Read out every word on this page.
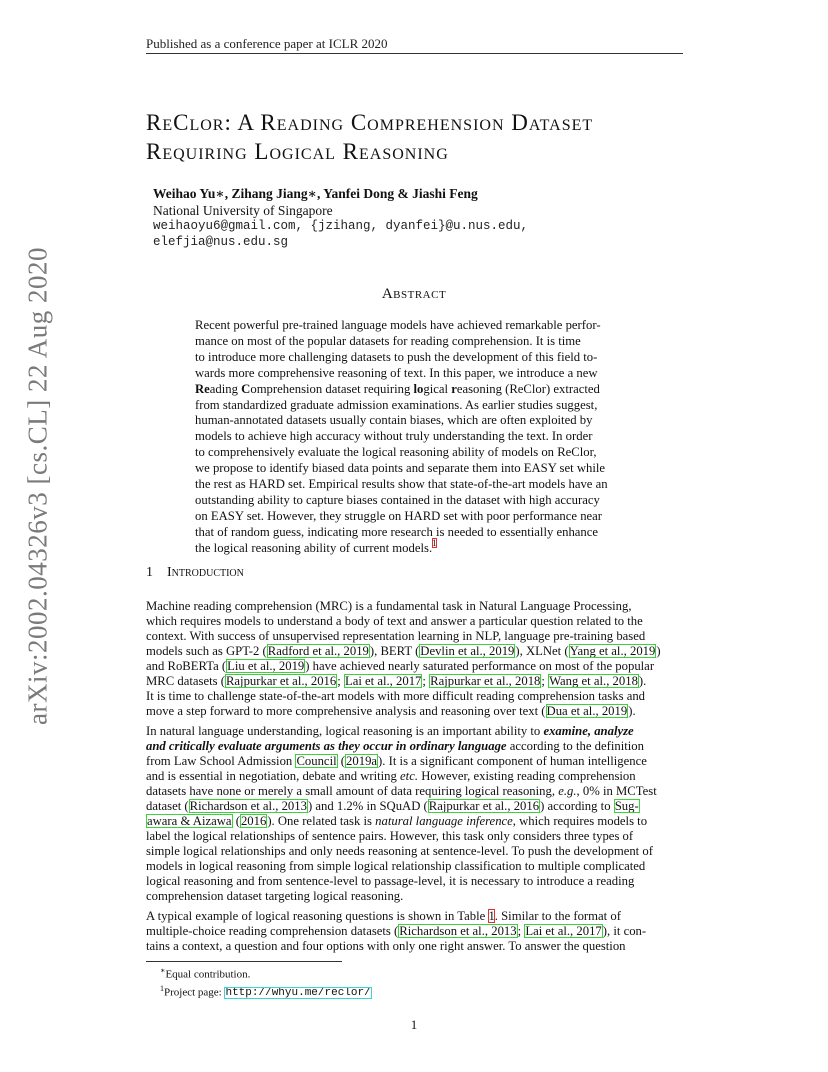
Published as a conference paper at ICLR 2020
ReClor: A Reading Comprehension Dataset
Requiring Logical Reasoning
Weihao Yu∗, Zihang Jiang∗, Yanfei Dong & Jiashi Feng
National University of Singapore
weihaoyu6@gmail.com, {jzihang, dyanfei}@u.nus.edu,
elefjia@nus.edu.sg
arXiv:2002.04326v3 [cs.CL] 22 Aug 2020	Abstract
Recent powerful pre-trained language models have achieved remarkable perfor-
mance on most of the popular datasets for reading comprehension. It is time
to introduce more challenging datasets to push the development of this field to-
wards more comprehensive reasoning of text. In this paper, we introduce a new
Reading Comprehension dataset requiring logical reasoning (ReClor) extracted
from standardized graduate admission examinations. As earlier studies suggest,
human-annotated datasets usually contain biases, which are often exploited by
models to achieve high accuracy without truly understanding the text. In order
to comprehensively evaluate the logical reasoning ability of models on ReClor,
we propose to identify biased data points and separate them into EASY set while
the rest as HARD set. Empirical results show that state-of-the-art models have an
outstanding ability to capture biases contained in the dataset with high accuracy
on EASY set. However, they struggle on HARD set with poor performance near
that of random guess, indicating more research is needed to essentially enhance
the logical reasoning ability of current models.$^1$
1 Introduction
Machine reading comprehension (MRC) is a fundamental task in Natural Language Processing,
which requires models to understand a body of text and answer a particular question related to the
context. With success of unsupervised representation learning in NLP, language pre-training based
models such as GPT-2 (Radford et al., 2019), BERT (Devlin et al., 2019), XLNet (Yang et al., 2019)
and RoBERTa (Liu et al., 2019) have achieved nearly saturated performance on most of the popular
MRC datasets (Rajpurkar et al., 2016; Lai et al., 2017; Rajpurkar et al., 2018; Wang et al., 2018).
It is time to challenge state-of-the-art models with more difficult reading comprehension tasks and
move a step forward to more comprehensive analysis and reasoning over text (Dua et al., 2019).
In natural language understanding, logical reasoning is an important ability to examine, analyze
and critically evaluate arguments as they occur in ordinary language according to the definition
from Law School Admission Council (2019a). It is a significant component of human intelligence
and is essential in negotiation, debate and writing etc. However, existing reading comprehension
datasets have none or merely a small amount of data requiring logical reasoning, e.g., 0% in MCTest
dataset (Richardson et al., 2013) and 1.2% in SQuAD (Rajpurkar et al., 2016) according to Sug-
awara & Aizawa (2016). One related task is natural language inference, which requires models to
label the logical relationships of sentence pairs. However, this task only considers three types of
simple logical relationships and only needs reasoning at sentence-level. To push the development of
models in logical reasoning from simple logical relationship classification to multiple complicated
logical reasoning and from sentence-level to passage-level, it is necessary to introduce a reading
comprehension dataset targeting logical reasoning.
A typical example of logical reasoning questions is shown in Table 1. Similar to the format of
multiple-choice reading comprehension datasets (Richardson et al., 2013; Lai et al., 2017), it con-
tains a context, a question and four options with only one right answer. To answer the question
∗Equal contribution.
$^1$Project page: http://whyu.me/reclor/
1
